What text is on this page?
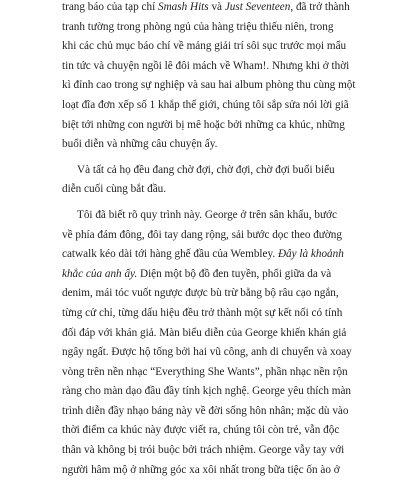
trang báo của tạp chí Smash Hits và Just Seventeen, đã trở thành
tranh tường trong phòng ngủ của hàng triệu thiếu niên, trong
khi các chủ mục báo chí về mảng giải trí sôi sục trước mọi mẩu
tin tức và chuyện ngồi lê đôi mách về Wham!. Nhưng khi ở thời
kì đỉnh cao trong sự nghiệp và sau hai album phòng thu cùng một
loạt đĩa đơn xếp số 1 khắp thế giới, chúng tôi sắp sửa nói lời giã
biệt tới những con người bị mê hoặc bởi những ca khúc, những
buổi diễn và những câu chuyện ấy.
Và tất cả họ đều đang chờ đợi, chờ đợi, chờ đợi buổi biểu
diễn cuối cùng bắt đầu.
Tôi đã biết rõ quy trình này. George ở trên sân khấu, bước
về phía đám đông, đôi tay dang rộng, sải bước dọc theo đường
catwalk kéo dài tới hàng ghế đầu của Wembley. Đây là khoảnh
khắc của anh ấy. Diện một bộ đồ đen tuyền, phối giữa da và
denim, mái tóc vuốt ngược được bù trừ bằng bộ râu cạo ngắn,
từng cử chỉ, từng dấu hiệu đều trở thành một sự kết nối có tính
đối đáp với khán giả. Màn biểu diễn của George khiến khán giả
ngây ngất. Được hộ tống bởi hai vũ công, anh di chuyển và xoay
vòng trên nền nhạc “Everything She Wants”, phần nhạc nền rộn
ràng cho màn dạo đầu đầy tính kịch nghệ. George yêu thích màn
trình diễn đầy nhạo báng này về đời sống hôn nhân; mặc dù vào
thời điểm ca khúc này được viết ra, chúng tôi còn trẻ, vẫn độc
thân và không bị trói buộc bởi trách nhiệm. George vẫy tay với
người hâm mộ ở những góc xa xôi nhất trong bữa tiệc ốn ào ở
